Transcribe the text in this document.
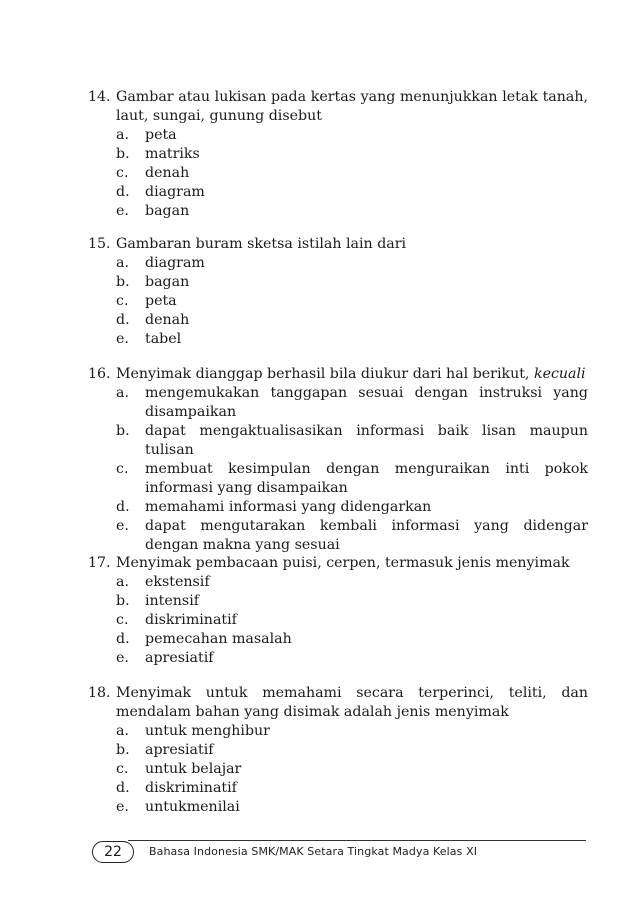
14. Gambar atau lukisan pada kertas yang menunjukkan letak tanah, laut, sungai, gunung disebut
a.	peta
b.	matriks
c.	denah
d.	diagram
e.	bagan
15. Gambaran buram sketsa istilah lain dari
a.	diagram
b.	bagan
c.	peta
d.	denah
e.	tabel
16. Menyimak dianggap berhasil bila diukur dari hal berikut, kecuali
a.	mengemukakan tanggapan sesuai dengan instruksi yang disampaikan
b.	dapat mengaktualisasikan informasi baik lisan maupun tulisan
c.	membuat kesimpulan dengan menguraikan inti pokok informasi yang disampaikan
d.	memahami informasi yang didengarkan
e.	dapat mengutarakan kembali informasi yang didengar dengan makna yang sesuai
17. Menyimak pembacaan puisi, cerpen, termasuk jenis menyimak
a.	ekstensif
b.	intensif
c.	diskriminatif
d.	pemecahan masalah
e.	apresiatif
18. Menyimak untuk memahami secara terperinci, teliti, dan mendalam bahan yang disimak adalah jenis menyimak
a.	untuk menghibur
b.	apresiatif
c.	untuk belajar
d.	diskriminatif
e.	untukmenilai
22	Bahasa Indonesia SMK/MAK Setara Tingkat Madya Kelas XI
